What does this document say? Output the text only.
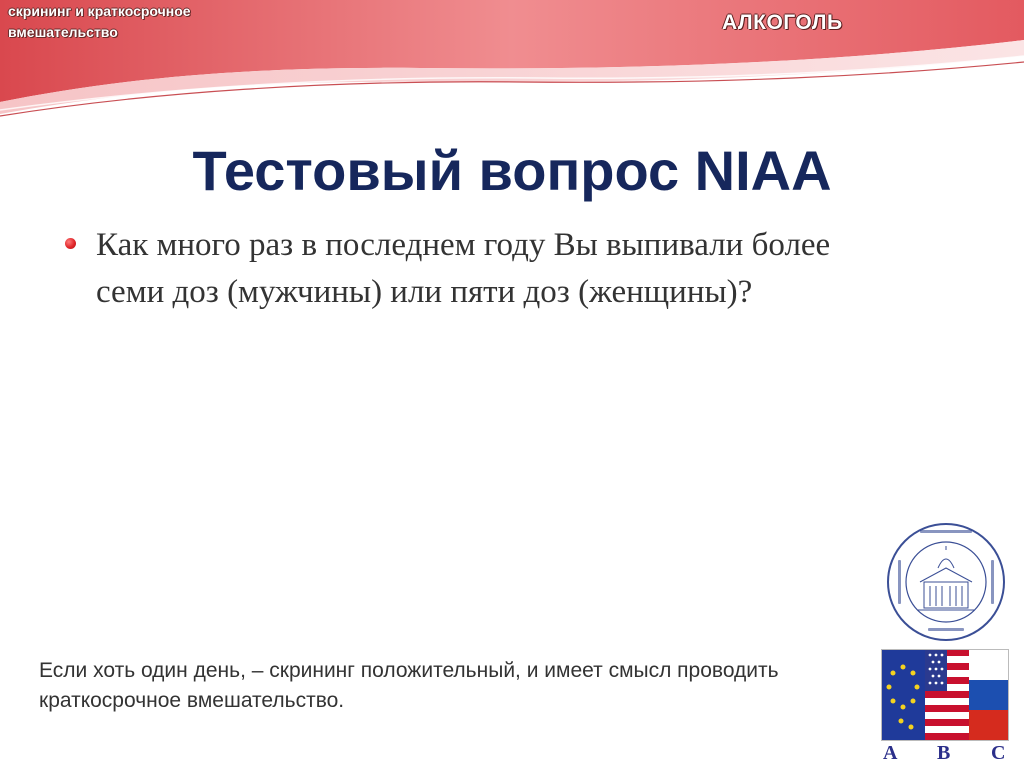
скрининг и краткосрочное
вмешательство	АЛКОГОЛЬ
Тестовый вопрос NIAA
Как много раз в последнем году Вы выпивали более семи доз (мужчины) или пяти доз (женщины)?
Если хоть один день, – скрининг положительный, и имеет смысл проводить краткосрочное вмешательство.
A B C
